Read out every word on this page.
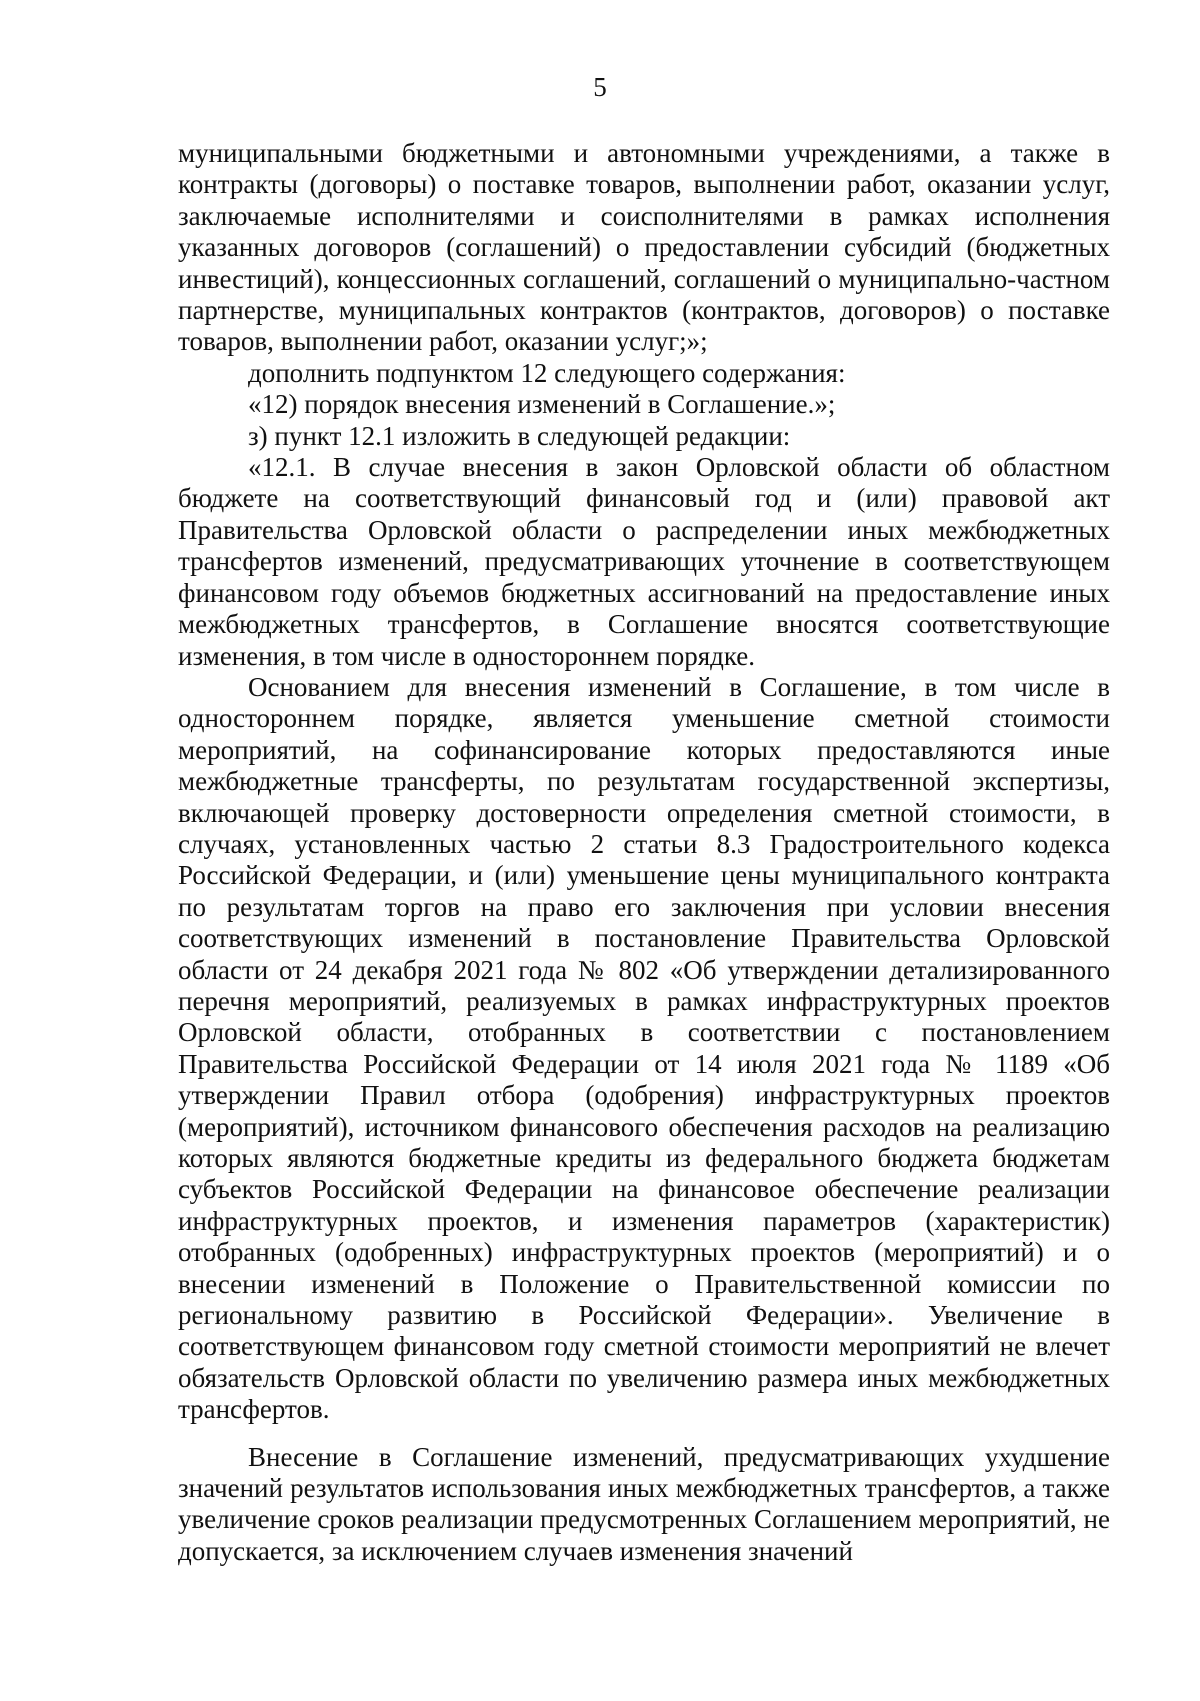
5

муниципальными бюджетными и автономными учреждениями, а также в контракты (договоры) о поставке товаров, выполнении работ, оказании услуг, заключаемые исполнителями и соисполнителями в рамках исполнения указанных договоров (соглашений) о предоставлении субсидий (бюджетных инвестиций), концессионных соглашений, соглашений о муниципально-частном партнерстве, муниципальных контрактов (контрактов, договоров) о поставке товаров, выполнении работ, оказании услуг;»;

дополнить подпунктом 12 следующего содержания:

«12) порядок внесения изменений в Соглашение.»;

з) пункт 12.1 изложить в следующей редакции:

«12.1. В случае внесения в закон Орловской области об областном бюджете на соответствующий финансовый год и (или) правовой акт Правительства Орловской области о распределении иных межбюджетных трансфертов изменений, предусматривающих уточнение в соответствующем финансовом году объемов бюджетных ассигнований на предоставление иных межбюджетных трансфертов, в Соглашение вносятся соответствующие изменения, в том числе в одностороннем порядке.

Основанием для внесения изменений в Соглашение, в том числе в одностороннем порядке, является уменьшение сметной стоимости мероприятий, на софинансирование которых предоставляются иные межбюджетные трансферты, по результатам государственной экспертизы, включающей проверку достоверности определения сметной стоимости, в случаях, установленных частью 2 статьи 8.3 Градостроительного кодекса Российской Федерации, и (или) уменьшение цены муниципального контракта по результатам торгов на право его заключения при условии внесения соответствующих изменений в постановление Правительства Орловской области от 24 декабря 2021 года № 802 «Об утверждении детализированного перечня мероприятий, реализуемых в рамках инфраструктурных проектов Орловской области, отобранных в соответствии с постановлением Правительства Российской Федерации от 14 июля 2021 года № 1189 «Об утверждении Правил отбора (одобрения) инфраструктурных проектов (мероприятий), источником финансового обеспечения расходов на реализацию которых являются бюджетные кредиты из федерального бюджета бюджетам субъектов Российской Федерации на финансовое обеспечение реализации инфраструктурных проектов, и изменения параметров (характеристик) отобранных (одобренных) инфраструктурных проектов (мероприятий) и о внесении изменений в Положение о Правительственной комиссии по региональному развитию в Российской Федерации». Увеличение в соответствующем финансовом году сметной стоимости мероприятий не влечет обязательств Орловской области по увеличению размера иных межбюджетных трансфертов.

Внесение в Соглашение изменений, предусматривающих ухудшение значений результатов использования иных межбюджетных трансфертов, а также увеличение сроков реализации предусмотренных Соглашением мероприятий, не допускается, за исключением случаев изменения значений
